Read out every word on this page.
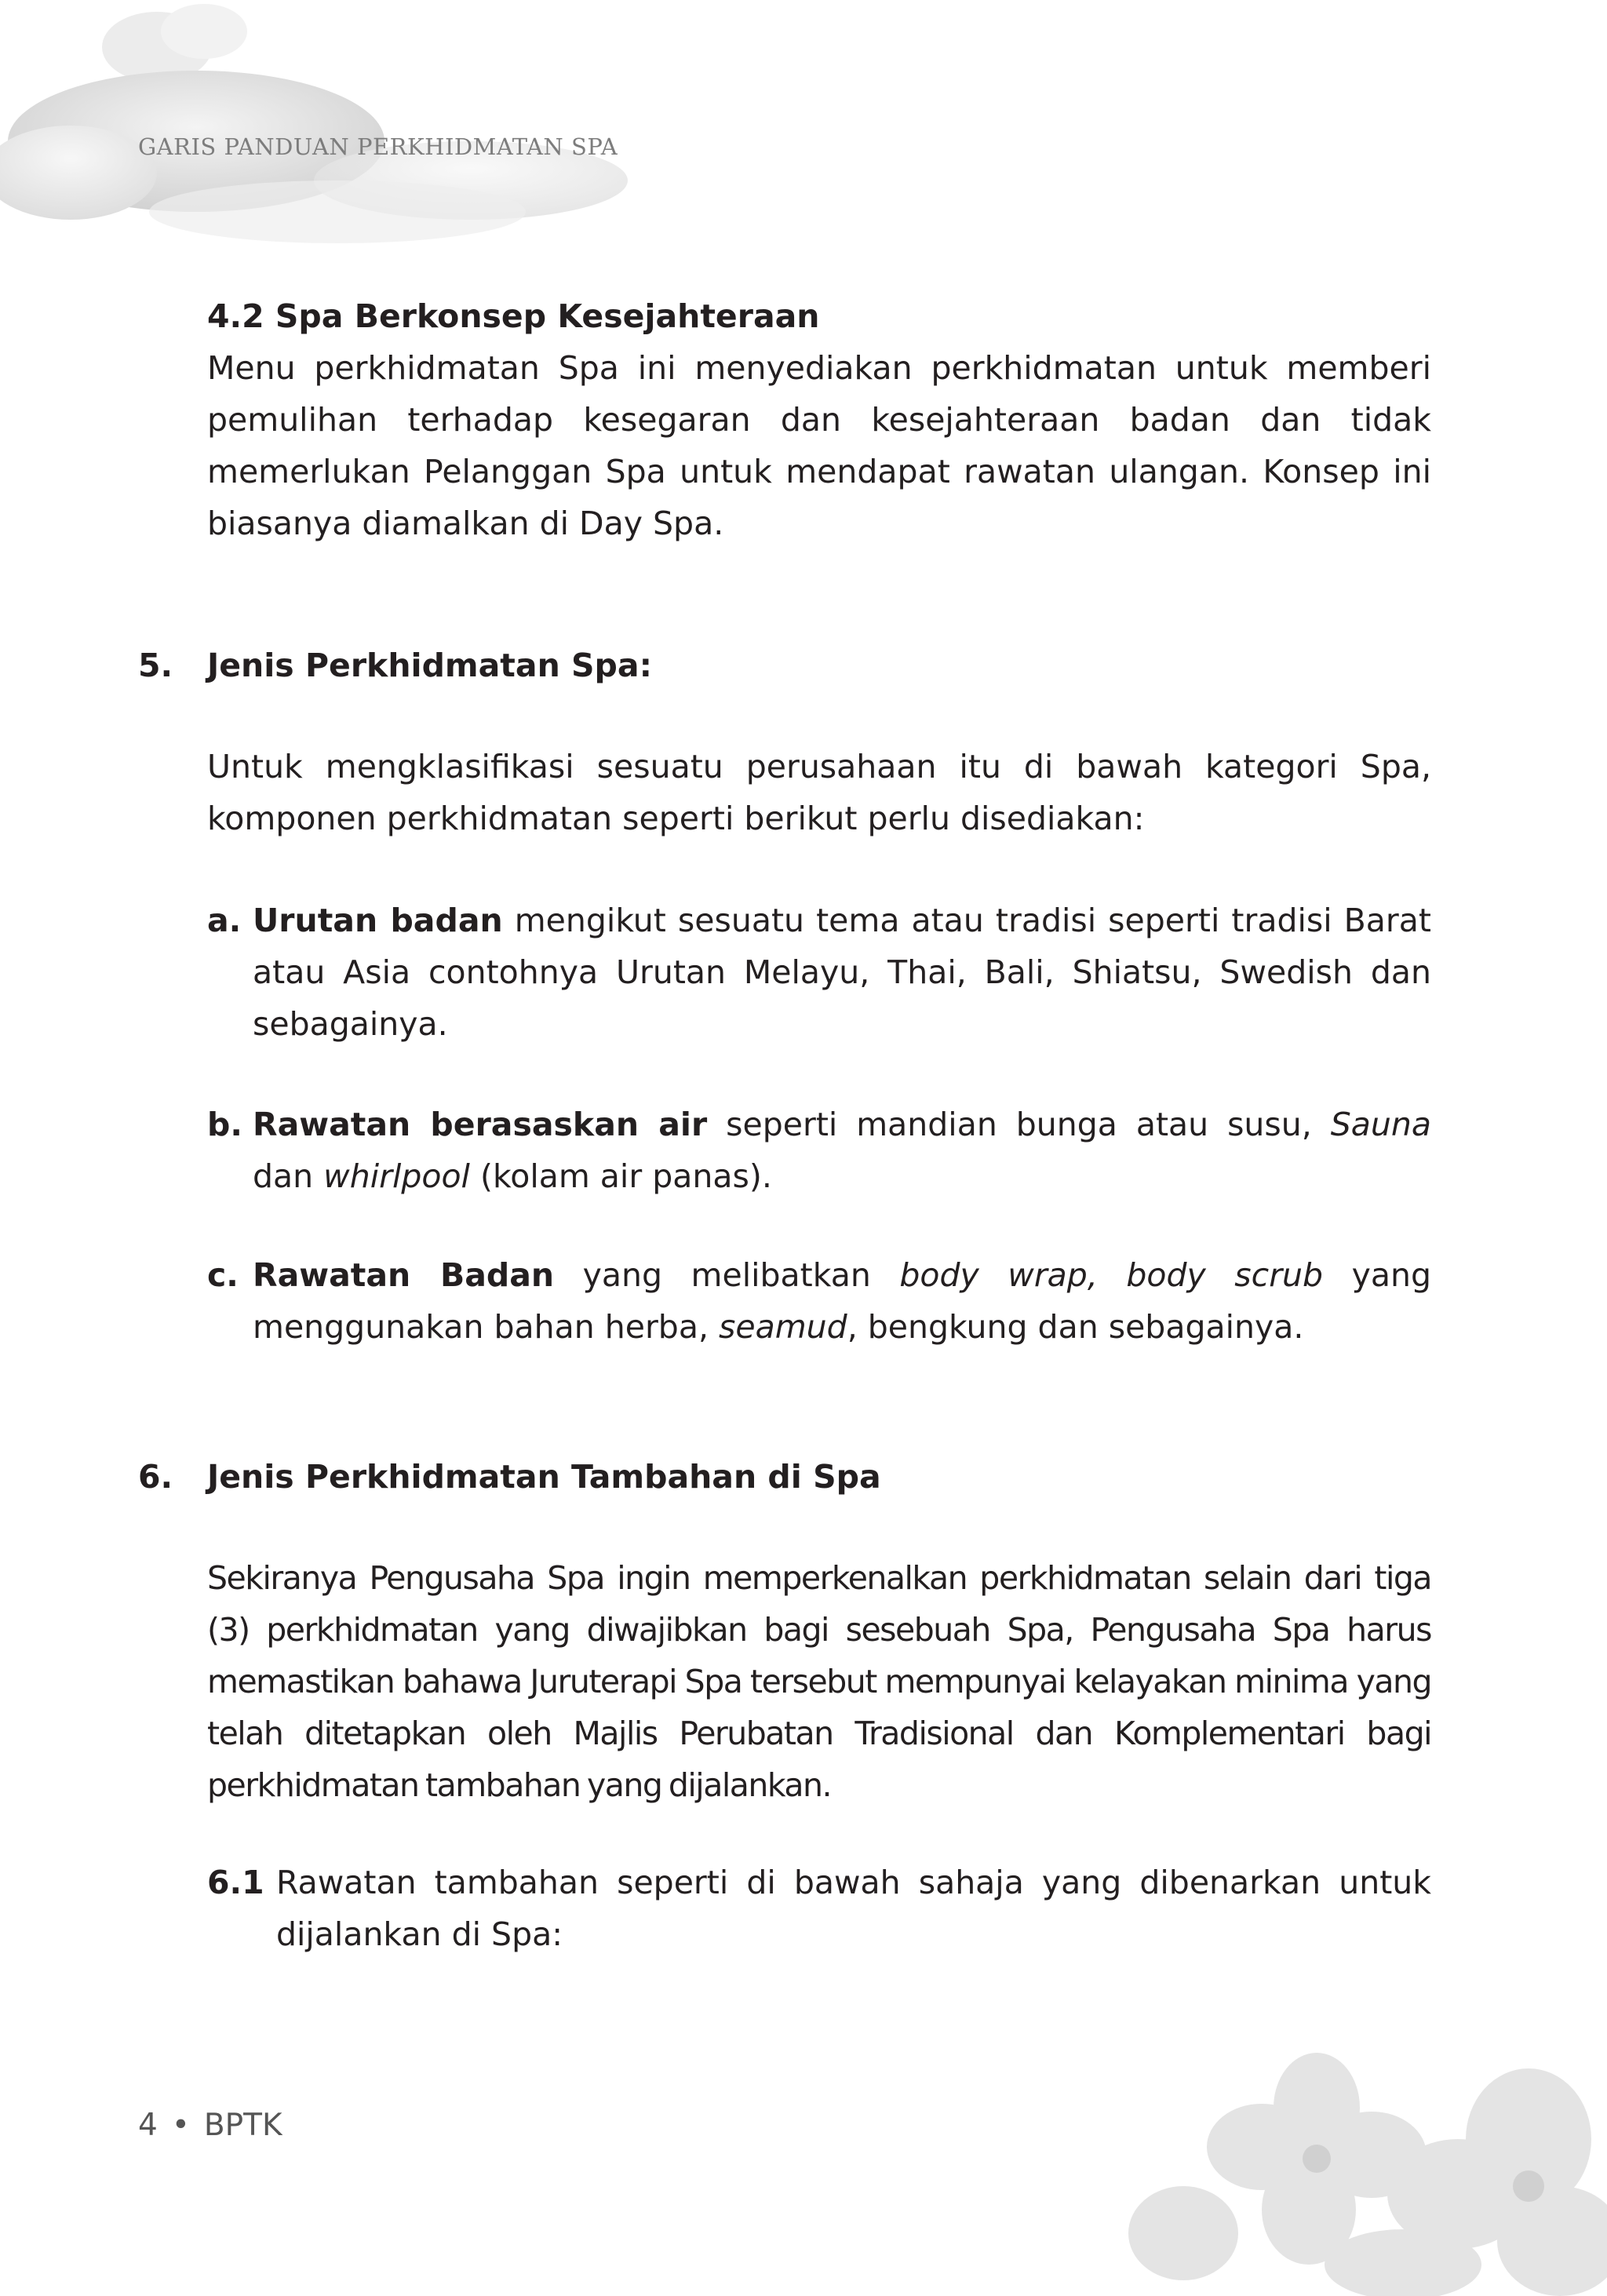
GARIS PANDUAN PERKHIDMATAN SPA
4.2 Spa Berkonsep Kesejahteraan
Menu perkhidmatan Spa ini menyediakan perkhidmatan untuk memberi pemulihan terhadap kesegaran dan kesejahteraan badan dan tidak memerlukan Pelanggan Spa untuk mendapat rawatan ulangan. Konsep ini biasanya diamalkan di Day Spa.
5. Jenis Perkhidmatan Spa:
Untuk mengklasifikasi sesuatu perusahaan itu di bawah kategori Spa, komponen perkhidmatan seperti berikut perlu disediakan:
a. Urutan badan mengikut sesuatu tema atau tradisi seperti tradisi Barat atau Asia contohnya Urutan Melayu, Thai, Bali, Shiatsu, Swedish dan sebagainya.
b. Rawatan berasaskan air seperti mandian bunga atau susu, Sauna dan whirlpool (kolam air panas).
c. Rawatan Badan yang melibatkan body wrap, body scrub yang menggunakan bahan herba, seamud, bengkung dan sebagainya.
6. Jenis Perkhidmatan Tambahan di Spa
Sekiranya Pengusaha Spa ingin memperkenalkan perkhidmatan selain dari tiga (3) perkhidmatan yang diwajibkan bagi sesebuah Spa, Pengusaha Spa harus memastikan bahawa Juruterapi Spa tersebut mempunyai kelayakan minima yang telah ditetapkan oleh Majlis Perubatan Tradisional dan Komplementari bagi perkhidmatan tambahan yang dijalankan.
6.1 Rawatan tambahan seperti di bawah sahaja yang dibenarkan untuk dijalankan di Spa:
4 • BPTK
